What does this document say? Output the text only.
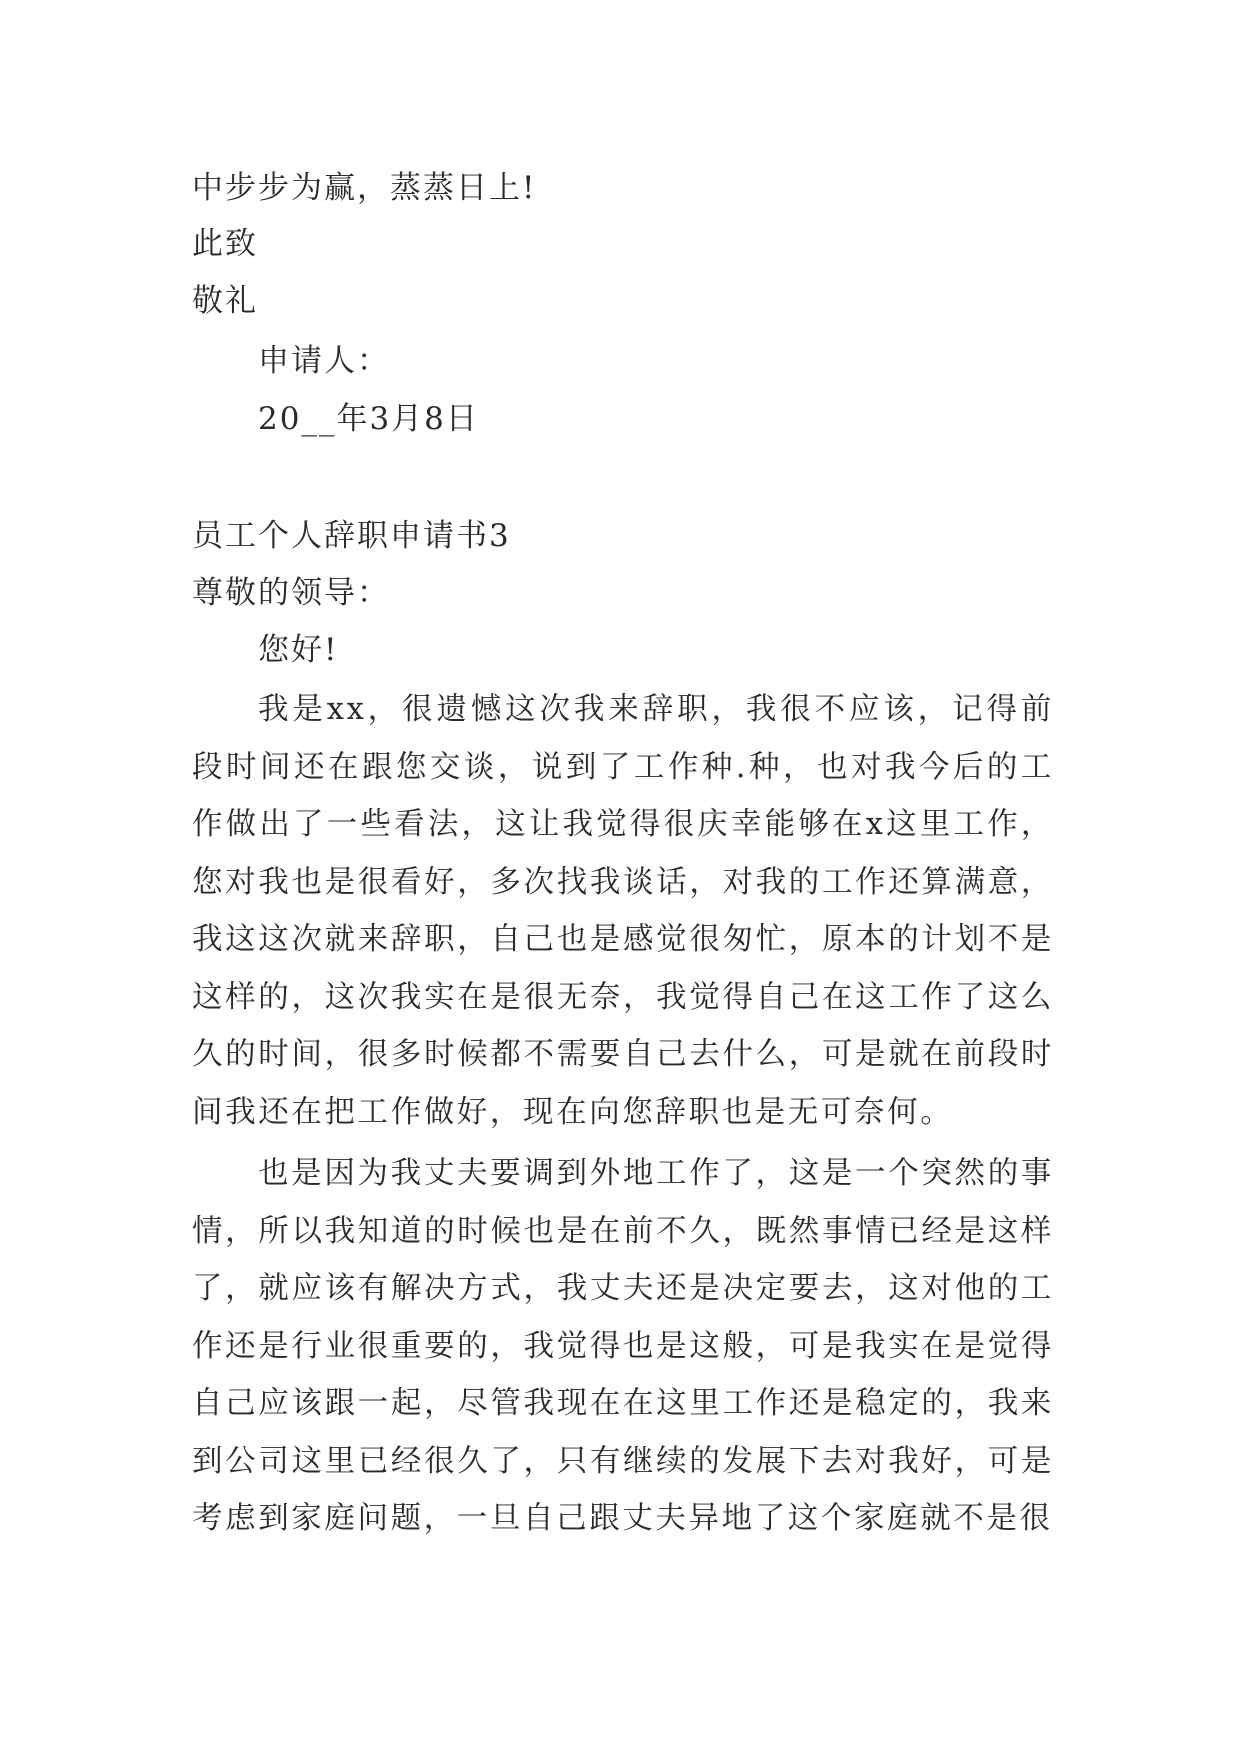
中步步为赢，蒸蒸日上!
此致
敬礼
申请人：
20__年3月8日
员工个人辞职申请书3
尊敬的领导：
您好!

我是xx，很遗憾这次我来辞职，我很不应该，记得前段时间还在跟您交谈，说到了工作种.种，也对我今后的工作做出了一些看法，这让我觉得很庆幸能够在x这里工作，您对我也是很看好，多次找我谈话，对我的工作还算满意，我这这次就来辞职，自己也是感觉很匆忙，原本的计划不是这样的，这次我实在是很无奈，我觉得自己在这工作了这么久的时间，很多时候都不需要自己去什么，可是就在前段时间我还在把工作做好，现在向您辞职也是无可奈何。

也是因为我丈夫要调到外地工作了，这是一个突然的事情，所以我知道的时候也是在前不久，既然事情已经是这样了，就应该有解决方式，我丈夫还是决定要去，这对他的工作还是行业很重要的，我觉得也是这般，可是我实在是觉得自己应该跟一起，尽管我现在在这里工作还是稳定的，我来到公司这里已经很久了，只有继续的发展下去对我好，可是考虑到家庭问题，一旦自己跟丈夫异地了这个家庭就不是很
